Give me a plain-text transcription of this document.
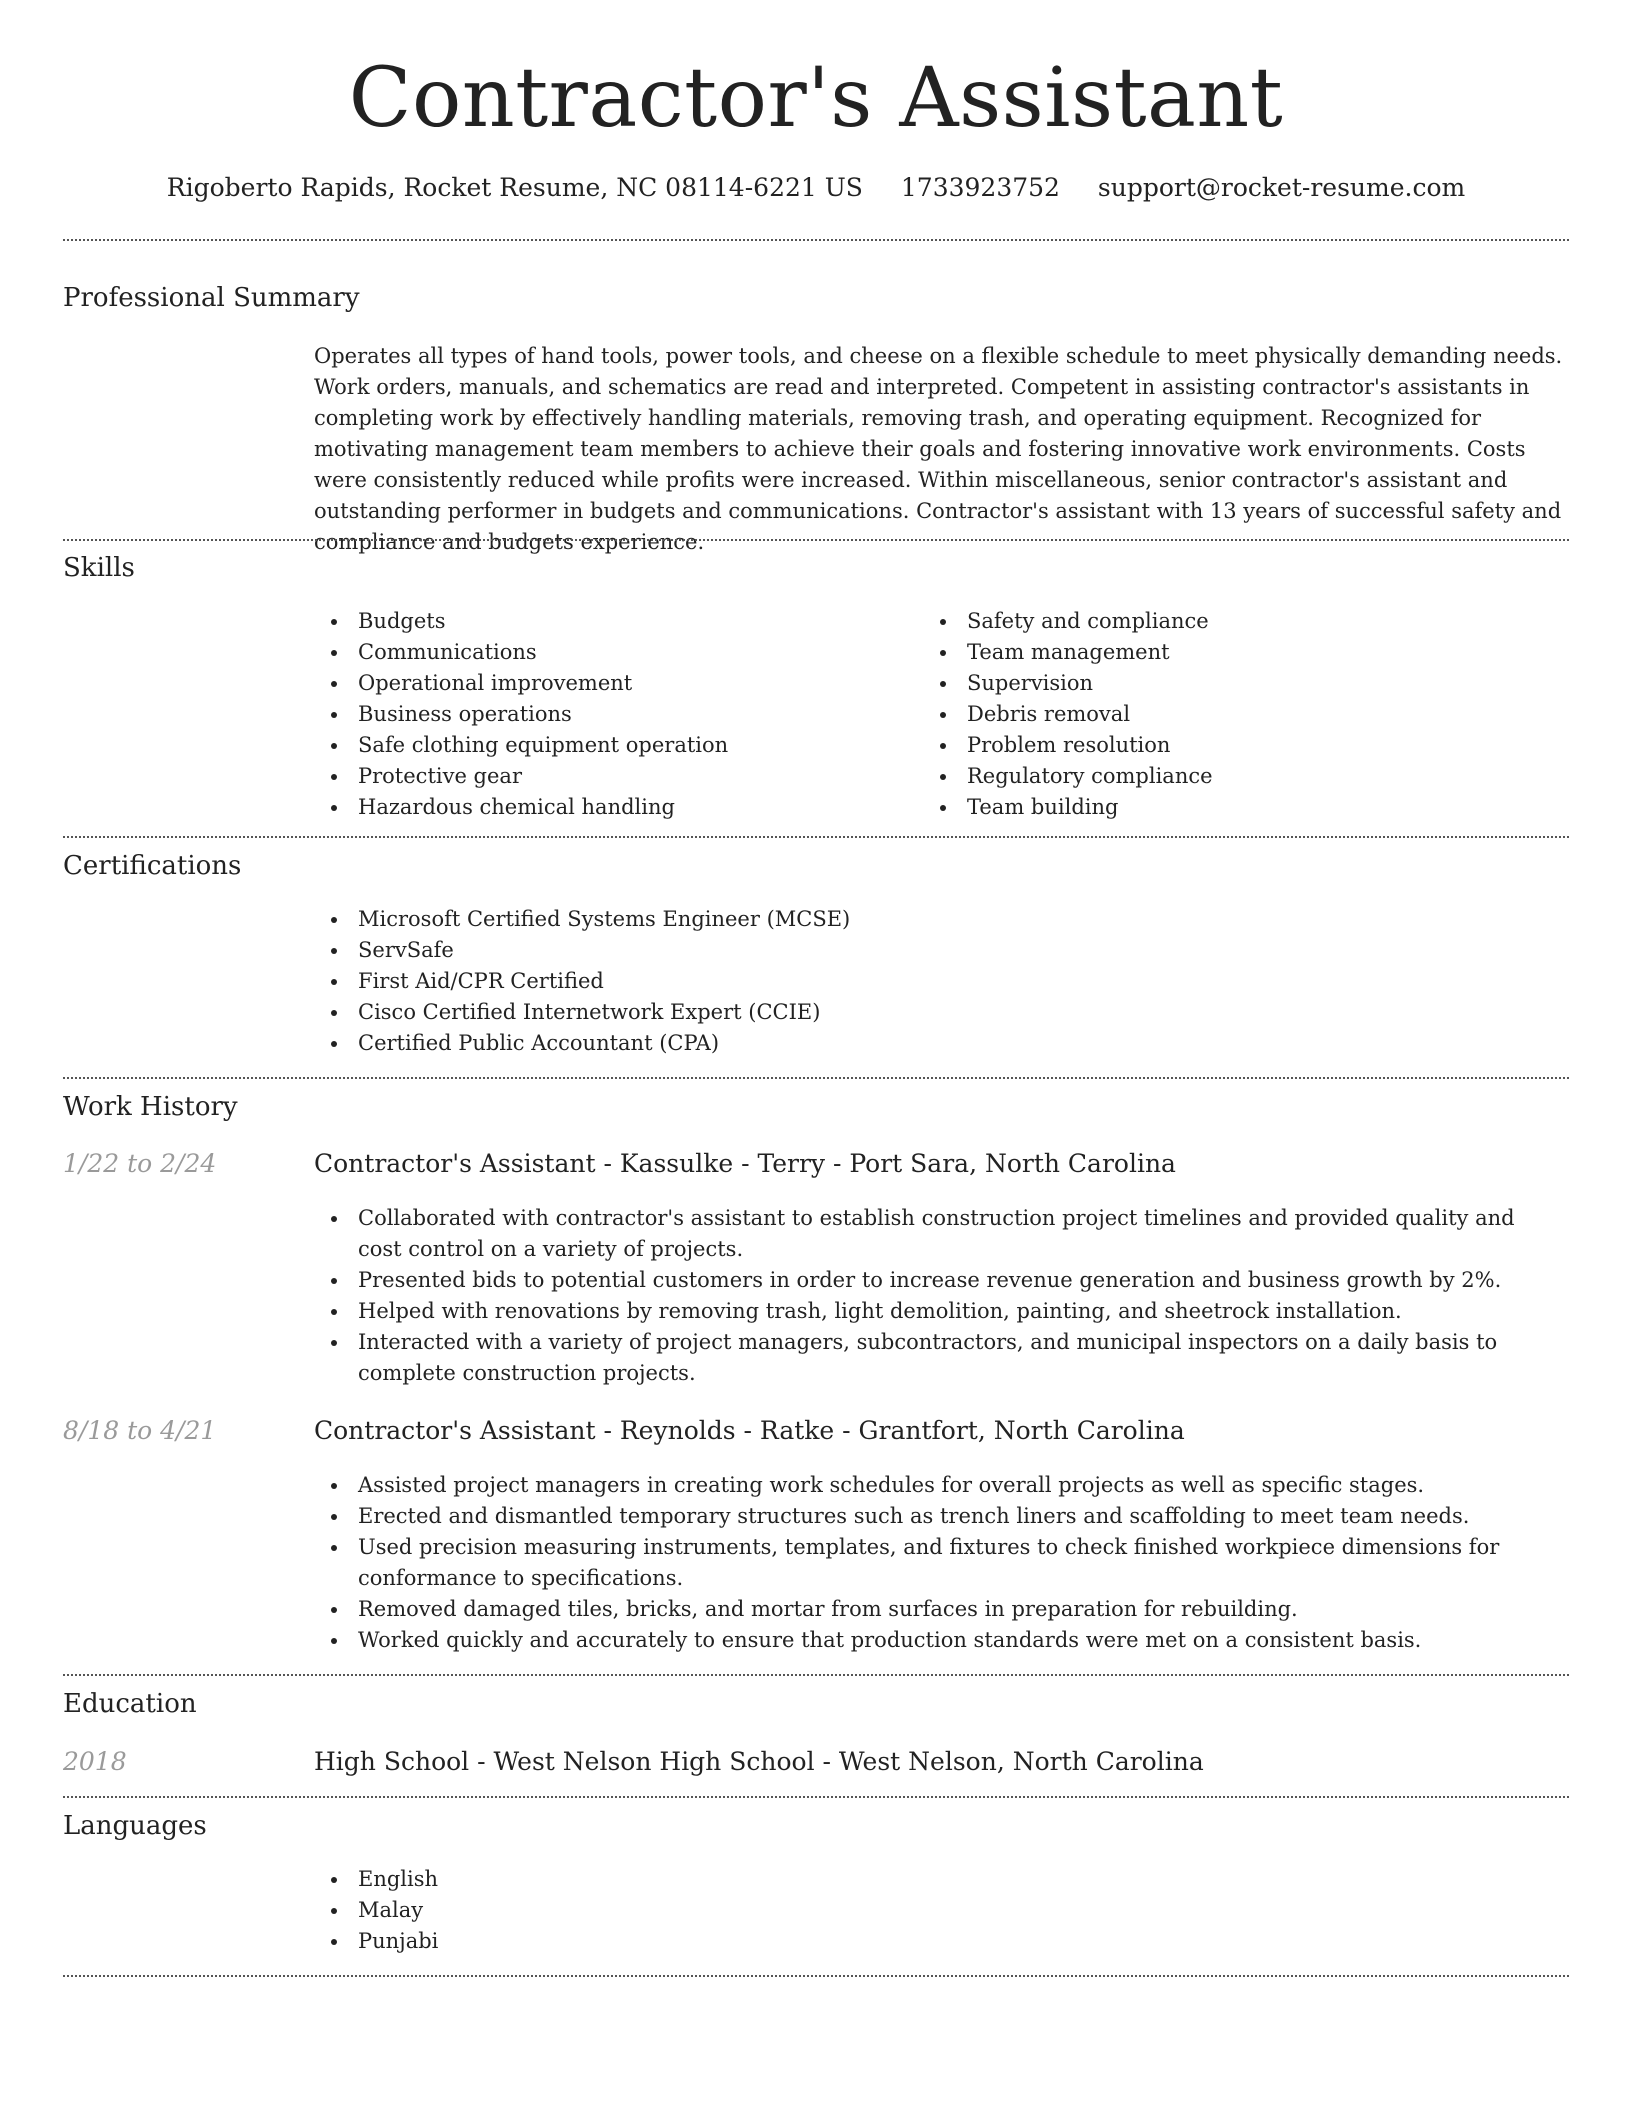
Contractor's Assistant
Rigoberto Rapids, Rocket Resume, NC 08114-6221 US 1733923752 support@rocket-resume.com
Professional Summary
Operates all types of hand tools, power tools, and cheese on a flexible schedule to meet physically demanding needs. Work orders, manuals, and schematics are read and interpreted. Competent in assisting contractor's assistants in completing work by effectively handling materials, removing trash, and operating equipment. Recognized for motivating management team members to achieve their goals and fostering innovative work environments. Costs were consistently reduced while profits were increased. Within miscellaneous, senior contractor's assistant and outstanding performer in budgets and communications. Contractor's assistant with 13 years of successful safety and compliance and budgets experience.
Skills
Budgets
Communications
Operational improvement
Business operations
Safe clothing equipment operation
Protective gear
Hazardous chemical handling
Safety and compliance
Team management
Supervision
Debris removal
Problem resolution
Regulatory compliance
Team building
Certifications
Microsoft Certified Systems Engineer (MCSE)
ServSafe
First Aid/CPR Certified
Cisco Certified Internetwork Expert (CCIE)
Certified Public Accountant (CPA)
Work History
1/22 to 2/24	Contractor's Assistant - Kassulke - Terry - Port Sara, North Carolina
Collaborated with contractor's assistant to establish construction project timelines and provided quality and cost control on a variety of projects.
Presented bids to potential customers in order to increase revenue generation and business growth by 2%.
Helped with renovations by removing trash, light demolition, painting, and sheetrock installation.
Interacted with a variety of project managers, subcontractors, and municipal inspectors on a daily basis to complete construction projects.
8/18 to 4/21	Contractor's Assistant - Reynolds - Ratke - Grantfort, North Carolina
Assisted project managers in creating work schedules for overall projects as well as specific stages.
Erected and dismantled temporary structures such as trench liners and scaffolding to meet team needs.
Used precision measuring instruments, templates, and fixtures to check finished workpiece dimensions for conformance to specifications.
Removed damaged tiles, bricks, and mortar from surfaces in preparation for rebuilding.
Worked quickly and accurately to ensure that production standards were met on a consistent basis.
Education
2018	High School - West Nelson High School - West Nelson, North Carolina
Languages
English
Malay
Punjabi
